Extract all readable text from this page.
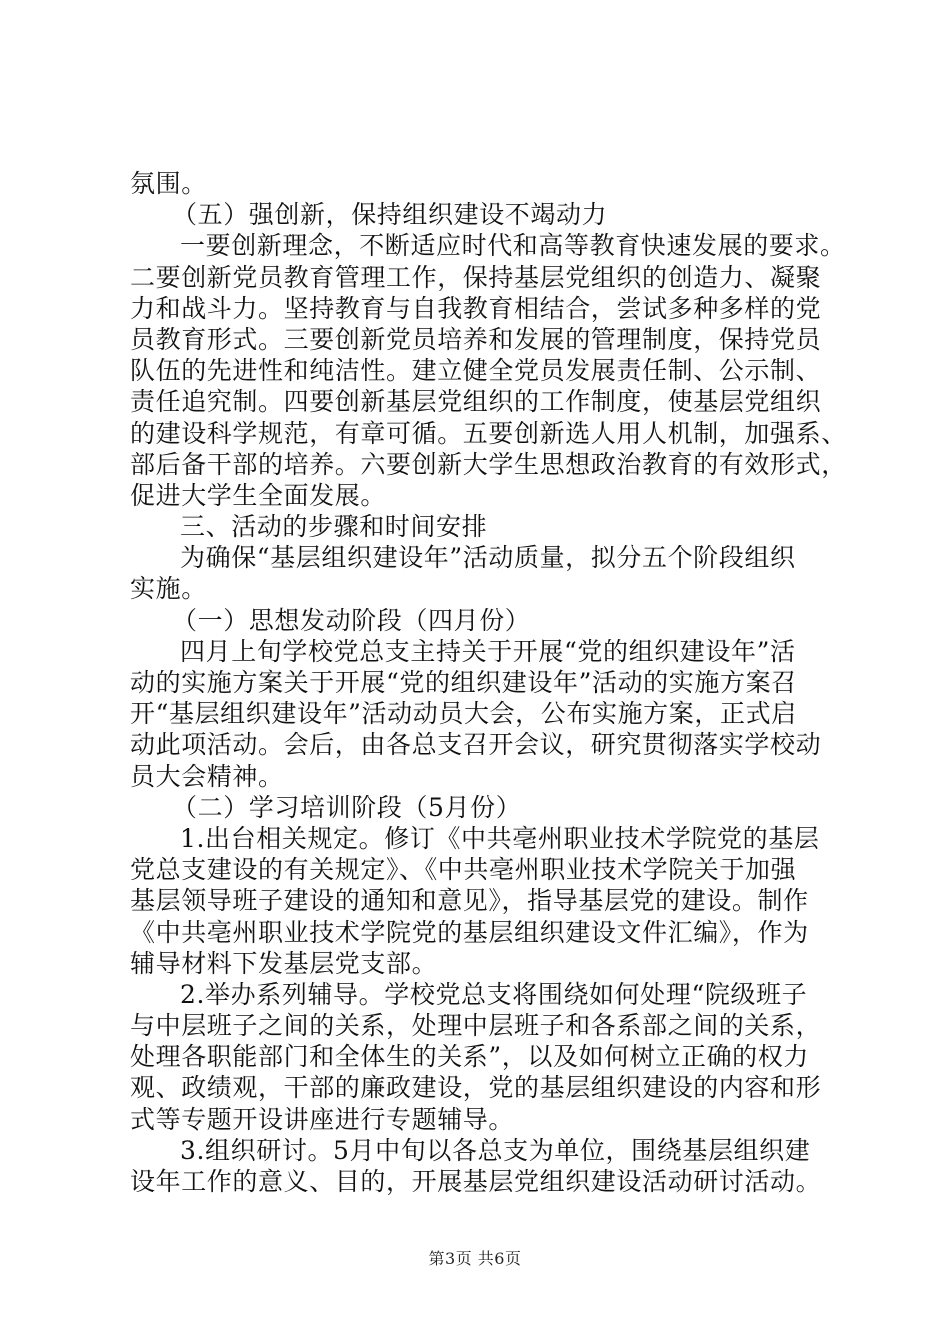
氛围。
（五）强创新，保持组织建设不竭动力
一要创新理念，不断适应时代和高等教育快速发展的要求。
二要创新党员教育管理工作，保持基层党组织的创造力、凝聚
力和战斗力。坚持教育与自我教育相结合，尝试多种多样的党
员教育形式。三要创新党员培养和发展的管理制度，保持党员
队伍的先进性和纯洁性。建立健全党员发展责任制、公示制、
责任追究制。四要创新基层党组织的工作制度，使基层党组织
的建设科学规范，有章可循。五要创新选人用人机制，加强系、
部后备干部的培养。六要创新大学生思想政治教育的有效形式，
促进大学生全面发展。
三、活动的步骤和时间安排
为确保“基层组织建设年”活动质量，拟分五个阶段组织
实施。
（一）思想发动阶段（四月份）
四月上旬学校党总支主持关于开展“党的组织建设年”活
动的实施方案关于开展“党的组织建设年”活动的实施方案召
开“基层组织建设年”活动动员大会，公布实施方案，正式启
动此项活动。会后，由各总支召开会议，研究贯彻落实学校动
员大会精神。
（二）学习培训阶段（5月份）
1.出台相关规定。修订《中共亳州职业技术学院党的基层
党总支建设的有关规定》、《中共亳州职业技术学院关于加强
基层领导班子建设的通知和意见》，指导基层党的建设。制作
《中共亳州职业技术学院党的基层组织建设文件汇编》，作为
辅导材料下发基层党支部。
2.举办系列辅导。学校党总支将围绕如何处理“院级班子
与中层班子之间的关系，处理中层班子和各系部之间的关系，
处理各职能部门和全体生的关系”，以及如何树立正确的权力
观、政绩观，干部的廉政建设，党的基层组织建设的内容和形
式等专题开设讲座进行专题辅导。
3.组织研讨。5月中旬以各总支为单位，围绕基层组织建
设年工作的意义、目的，开展基层党组织建设活动研讨活动。
第3页 共6页
